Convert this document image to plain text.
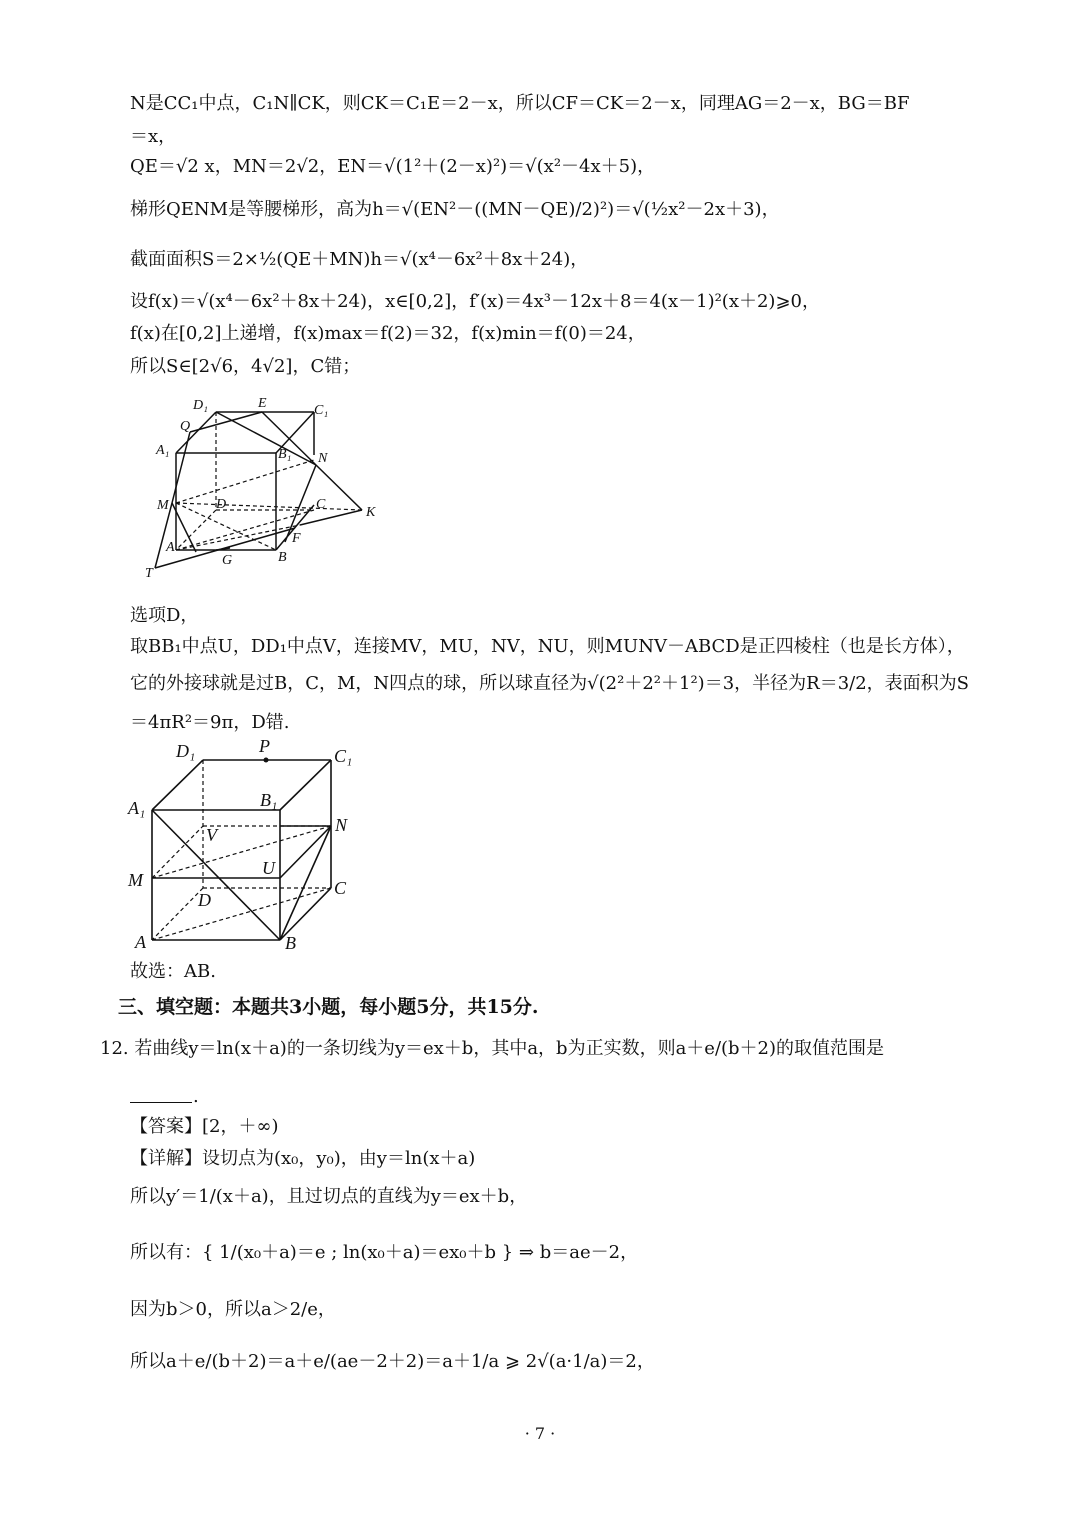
N是CC₁中点，C₁N∥CK，则CK＝C₁E＝2－x，所以CF＝CK＝2－x，同理AG＝2－x，BG＝BF
＝x，
QE＝√2 x，MN＝2√2，EN＝√(1²＋(2－x)²)＝√(x²－4x＋5)，
梯形QENM是等腰梯形，高为h＝√(EN²－((MN－QE)/2)²)＝√(½x²－2x＋3)，
截面面积S＝2×½(QE＋MN)h＝√(x⁴－6x²＋8x＋24)，
设f(x)＝√(x⁴－6x²＋8x＋24)，x∈[0,2]，f′(x)＝4x³－12x＋8＝4(x－1)²(x＋2)⩾0，
f(x)在[0,2]上递增，f(x)max＝f(2)＝32，f(x)min＝f(0)＝24，
所以S∈[2√6，4√2]，C错；
D₁	E	C₁
Q
A₁	B₁ N
M	D	C
K
A
F
G	B
T
选项D，
取BB₁中点U，DD₁中点V，连接MV，MU，NV，NU，则MUNV－ABCD是正四棱柱（也是长方体），
它的外接球就是过B，C，M，N四点的球，所以球直径为√(2²＋2²＋1²)＝3，半径为R＝3/2，表面积为S
＝4πR²＝9π，D错.
D₁	P	C₁
A₁	B₁
N
V
U
M	C
D
A	B
故选：AB.
三、填空题：本题共3小题，每小题5分，共15分.
12. 若曲线y＝ln(x＋a)的一条切线为y＝ex＋b，其中a，b为正实数，则a＋e/(b＋2)的取值范围是
.
【答案】[2，＋∞)
【详解】设切点为(x₀，y₀)，由y＝ln(x＋a)
所以y′＝1/(x＋a)，且过切点的直线为y＝ex＋b，
所以有：{ 1/(x₀＋a)＝e ; ln(x₀＋a)＝ex₀＋b } ⇒ b＝ae－2，
因为b＞0，所以a＞2/e，
所以a＋e/(b＋2)＝a＋e/(ae－2＋2)＝a＋1/a ⩾ 2√(a·1/a)＝2，
· 7 ·
